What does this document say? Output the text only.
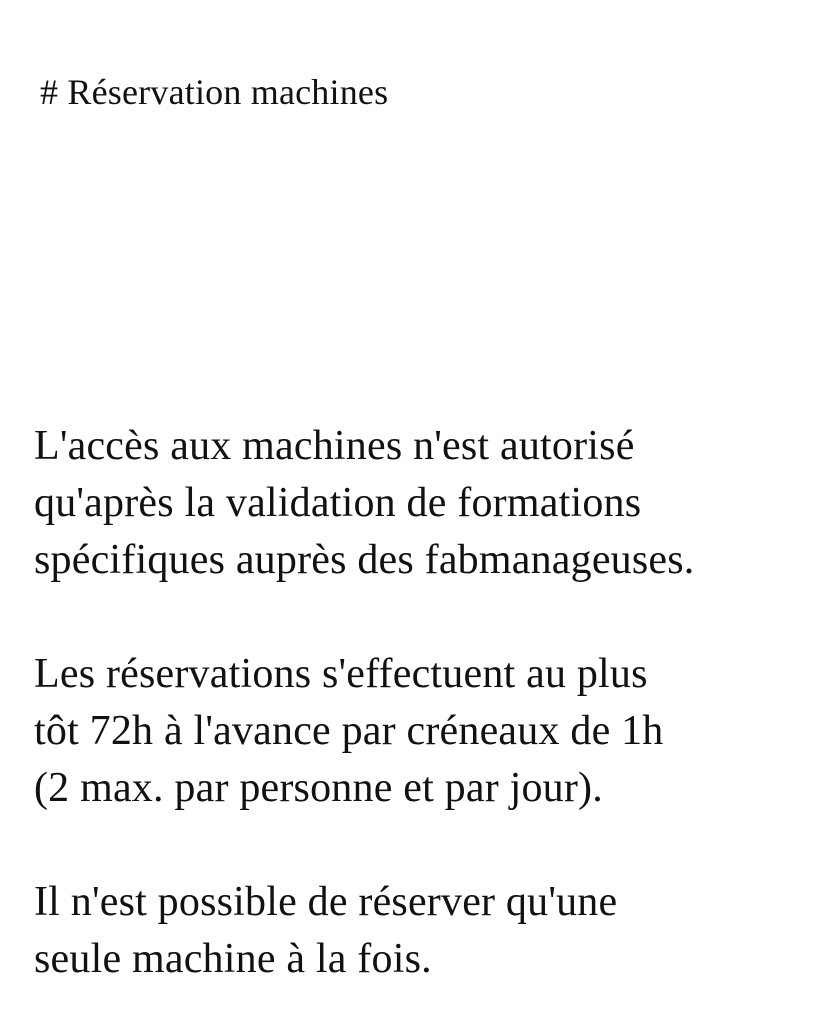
# Réservation machines

L'accès aux machines n'est autorisé
qu'après la validation de formations
spécifiques auprès des fabmanageuses.

Les réservations s'effectuent au plus
tôt 72h à l'avance par créneaux de 1h
(2 max. par personne et par jour).

Il n'est possible de réserver qu'une
seule machine à la fois.
